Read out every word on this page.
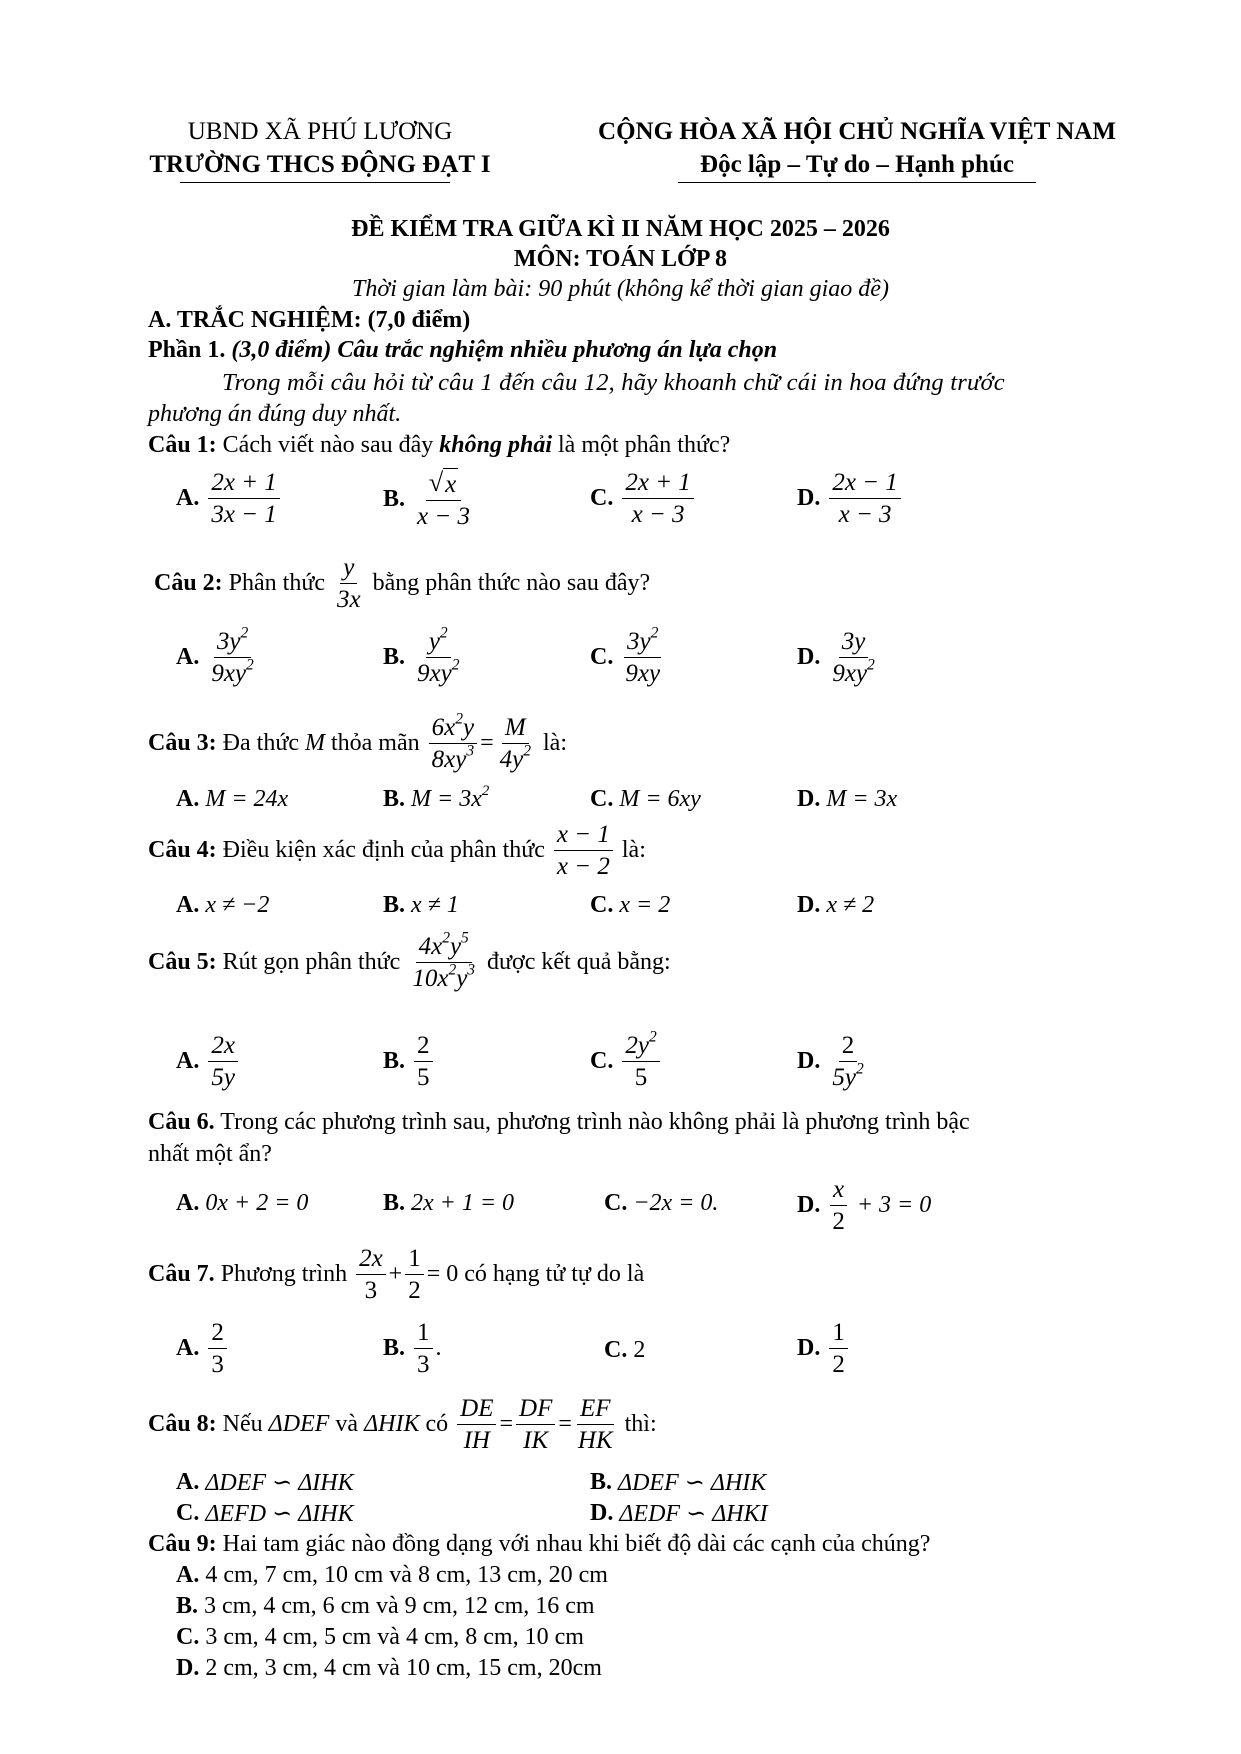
UBND XÃ PHÚ LƯƠNG
TRƯỜNG THCS ĐỘNG ĐẠT I
CỘNG HÒA XÃ HỘI CHỦ NGHĨA VIỆT NAM
Độc lập – Tự do – Hạnh phúc
ĐỀ KIỂM TRA GIỮA KÌ II NĂM HỌC 2025 – 2026
MÔN: TOÁN LỚP 8
Thời gian làm bài: 90 phút (không kể thời gian giao đề)
A. TRẮC NGHIỆM: (7,0 điểm)
Phần 1. (3,0 điểm) Câu trắc nghiệm nhiều phương án lựa chọn
Trong mỗi câu hỏi từ câu 1 đến câu 12, hãy khoanh chữ cái in hoa đứng trước
phương án đúng duy nhất.
Câu 1: Cách viết nào sau đây không phải là một phân thức?
A. $\frac{2x + 1}{3x - 1}$	B. $\frac{√ x}{x - 3}$	C. $\frac{2x + 1}{x - 3}$	D. $\frac{2x - 1}{x - 3}$
Câu 2: Phân thức $\frac{y}{3x}$ bằng phân thức nào sau đây?
A. $\frac{3y^2}{9xy^2}$	B. $\frac{y^2}{9xy^2}$	C. $\frac{3y^2}{9xy}$	D. $\frac{3y}{9xy^2}$
Câu 3: Đa thức M thỏa mãn $\frac{6x^2y}{8xy^3} = \frac{M}{4y^2}$ là:
A. M = 24x	B. $M = 3x^2$	C. M = 6xy	D. M = 3x
Câu 4: Điều kiện xác định của phân thức $\frac{x - 1}{x - 2}$ là:
A. x ≠ −2	B. x ≠ 1	C. x = 2	D. x ≠ 2
Câu 5: Rút gọn phân thức $\frac{4x^2y^5}{10x^2y^3}$ được kết quả bằng:
A. $\frac{2x}{5y}$	B. $\frac{2}{5}$	C. $\frac{2y^2}{5}$	D. $\frac{2}{5y^2}$
Câu 6. Trong các phương trình sau, phương trình nào không phải là phương trình bậc
nhất một ẩn?
A. 0x + 2 = 0	B. 2x + 1 = 0	C. −2x = 0.	D. $\frac{x}{2} + 3 = 0$
Câu 7. Phương trình $\frac{2x}{3} + \frac{1}{2} = 0$ có hạng tử tự do là
A. $\frac{2}{3}$	B. $\frac{1}{3}$ .	C. 2	D. $\frac{1}{2}$
Câu 8: Nếu ΔDEF và ΔHIK có $\frac{DE}{IH} = \frac{DF}{IK} = \frac{EF}{HK}$ thì:
A. ΔDEF ∽ ΔIHK	B. ΔDEF ∽ ΔHIK
C. ΔEFD ∽ ΔIHK	D. ΔEDF ∽ ΔHKI
Câu 9: Hai tam giác nào đồng dạng với nhau khi biết độ dài các cạnh của chúng?
A. 4 cm, 7 cm, 10 cm và 8 cm, 13 cm, 20 cm
B. 3 cm, 4 cm, 6 cm và 9 cm, 12 cm, 16 cm
C. 3 cm, 4 cm, 5 cm và 4 cm, 8 cm, 10 cm
D. 2 cm, 3 cm, 4 cm và 10 cm, 15 cm, 20cm
